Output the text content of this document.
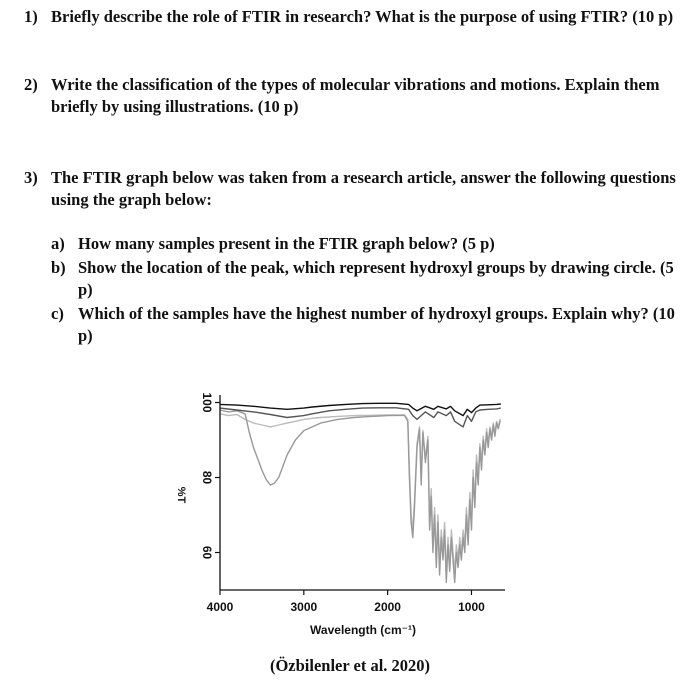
1) Briefly describe the role of FTIR in research? What is the purpose of using FTIR? (10 p)
2) Write the classification of the types of molecular vibrations and motions. Explain them briefly by using illustrations. (10 p)
3) The FTIR graph below was taken from a research article, answer the following questions using the graph below:
a) How many samples present in the FTIR graph below? (5 p)
b) Show the location of the peak, which represent hydroxyl groups by drawing circle. (5 p)
c) Which of the samples have the highest number of hydroxyl groups. Explain why? (10 p)
4000	3000	2000	1000
100
80
60
%T
Wavelength (cm⁻¹)
(Özbilenler et al. 2020)
